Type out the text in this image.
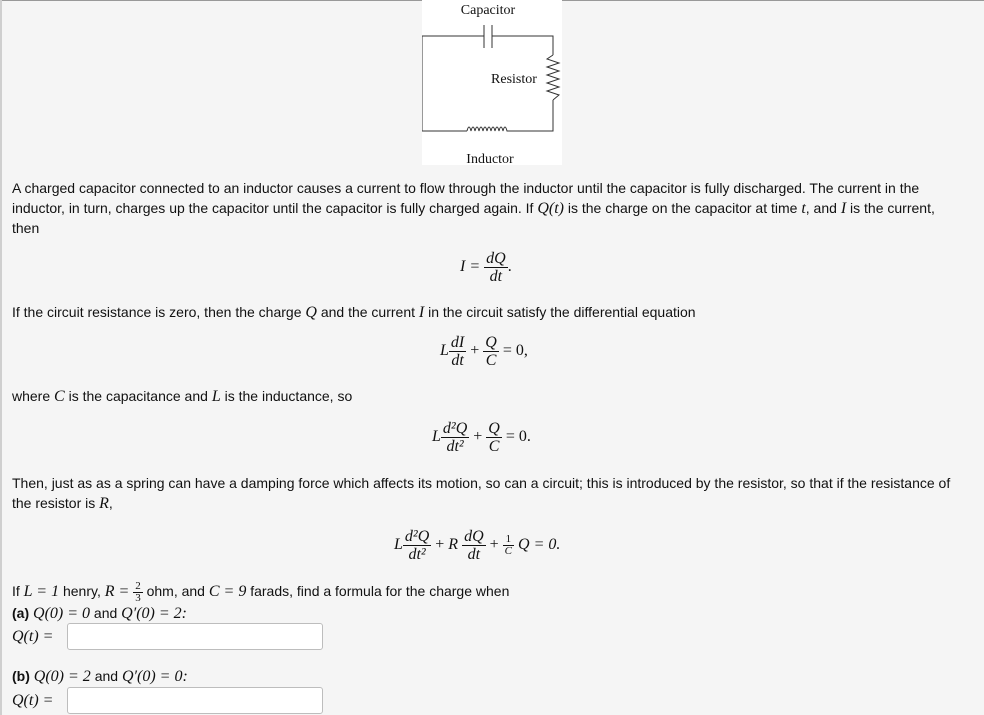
Capacitor
Resistor
Inductor
A charged capacitor connected to an inductor causes a current to flow through the inductor until the capacitor is fully discharged. The current in the
inductor, in turn, charges up the capacitor until the capacitor is fully charged again. If Q(t) is the charge on the capacitor at time t, and I is the current,
then
$I = \frac{dQ}{dt}$ .
If the circuit resistance is zero, then the charge Q and the current I in the circuit satisfy the differential equation
L $\frac{dI}{dt} + \frac{Q}{C} = 0$,
where C is the capacitance and L is the inductance, so
L $\frac{\text{d²Q}}{\text{dt²}} + \frac{Q}{C} = 0$.
Then, just as as a spring can have a damping force which affects its motion, so can a circuit; this is introduced by the resistor, so that if the resistance of
the resistor is R,
L $\frac{\text{d²Q}}{\text{dt²}} + R \frac{dQ}{dt} + \frac{1}{C}$ Q = 0.
If L = 1 henry, $R = \frac{2}{3}$ ohm, and C = 9 farads, find a formula for the charge when
(a) Q(0) = 0 and Q′(0) = 2:
Q(t) =
(b) Q(0) = 2 and Q′(0) = 0:
Q(t) =
